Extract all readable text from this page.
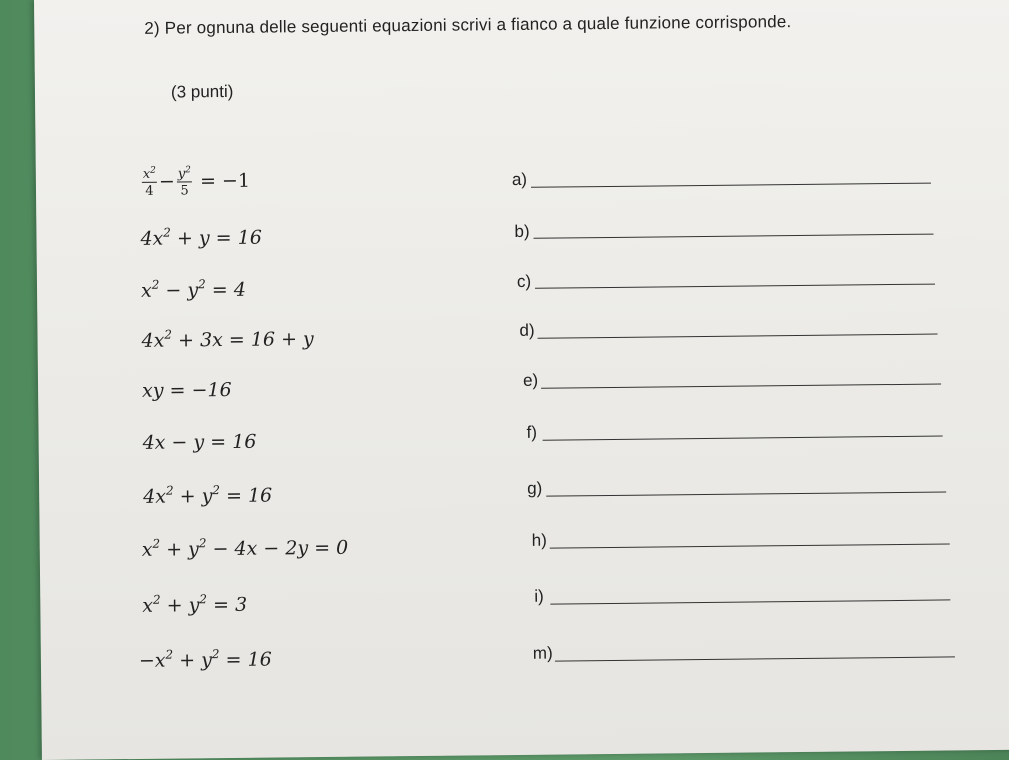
2) Per ognuna delle seguenti equazioni scrivi a fianco a quale funzione corrisponde.
(3 punti)
$\frac{x^2}{4} - \frac{y^2}{5} = -1$
$4x^2 + y = 16$
$x^2 - y^2 = 4$
$4x^2 + 3x = 16 + y$
xy = −16
4x − y = 16
$4x^2 + y^2 = 16$
$x^2 + y^2 - 4x - 2y = 0$
$x^2 + y^2 = 3$
$-x^2 + y^2 = 16$
a)
b)
c)
d)
e)
f)
g)
h)
i)
m)
